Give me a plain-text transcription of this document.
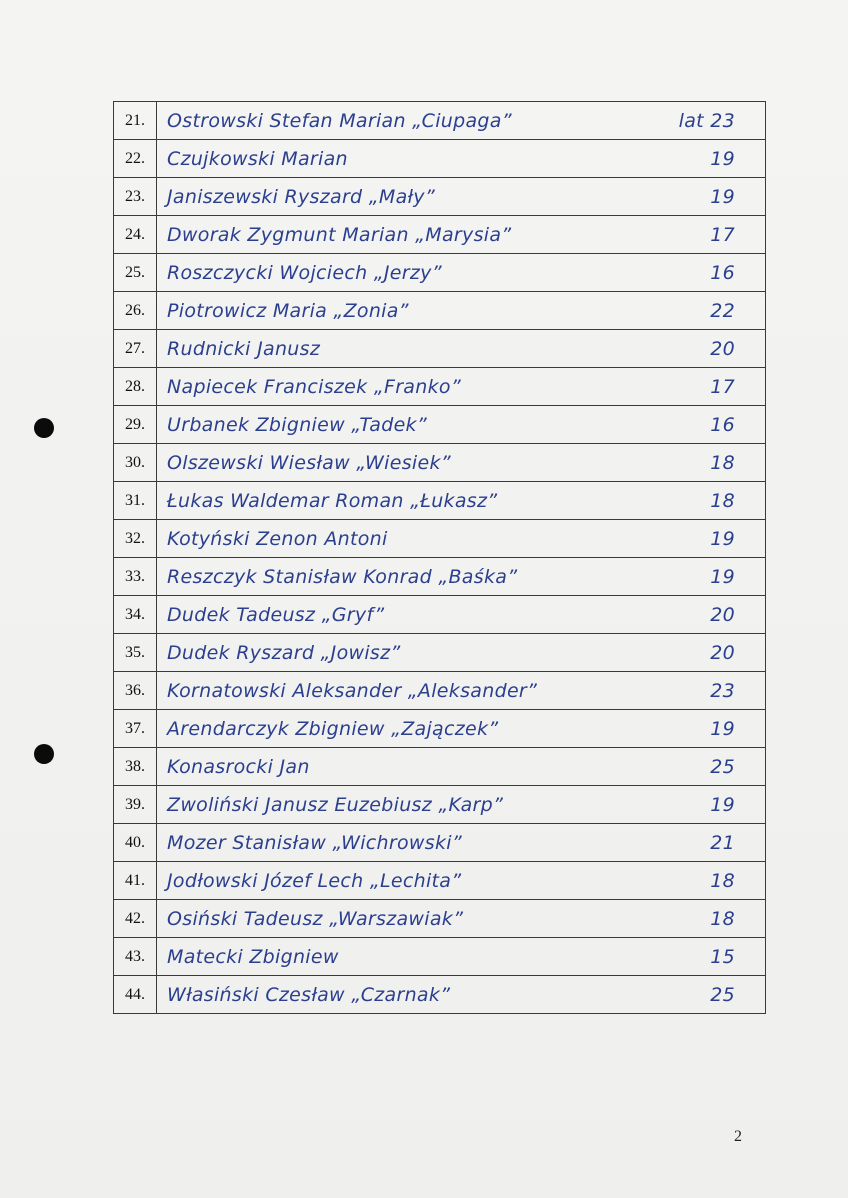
21.	Ostrowski Stefan Marian „Ciupaga” lat 23

22.	Czujkowski Marian 19

23.	Janiszewski Ryszard „Mały” 19

24.	Dworak Zygmunt Marian „Marysia” 17

25.	Roszczycki Wojciech „Jerzy” 16

26.	Piotrowicz Maria „Zonia” 22

27.	Rudnicki Janusz 20

28.	Napiecek Franciszek „Franko” 17

29.	Urbanek Zbigniew „Tadek” 16

30.	Olszewski Wiesław „Wiesiek” 18

31.	Łukas Waldemar Roman „Łukasz” 18

32.	Kotyński Zenon Antoni 19

33.	Reszczyk Stanisław Konrad „Baśka” 19

34.	Dudek Tadeusz „Gryf” 20

35.	Dudek Ryszard „Jowisz” 20

36.	Kornatowski Aleksander „Aleksander” 23

37.	Arendarczyk Zbigniew „Zajączek” 19

38.	Konasrocki Jan 25

39.	Zwoliński Janusz Euzebiusz „Karp” 19

40.	Mozer Stanisław „Wichrowski” 21

41.	Jodłowski Józef Lech „Lechita” 18

42.	Osiński Tadeusz „Warszawiak” 18

43.	Matecki Zbigniew 15

44.	Własiński Czesław „Czarnak” 25
2
